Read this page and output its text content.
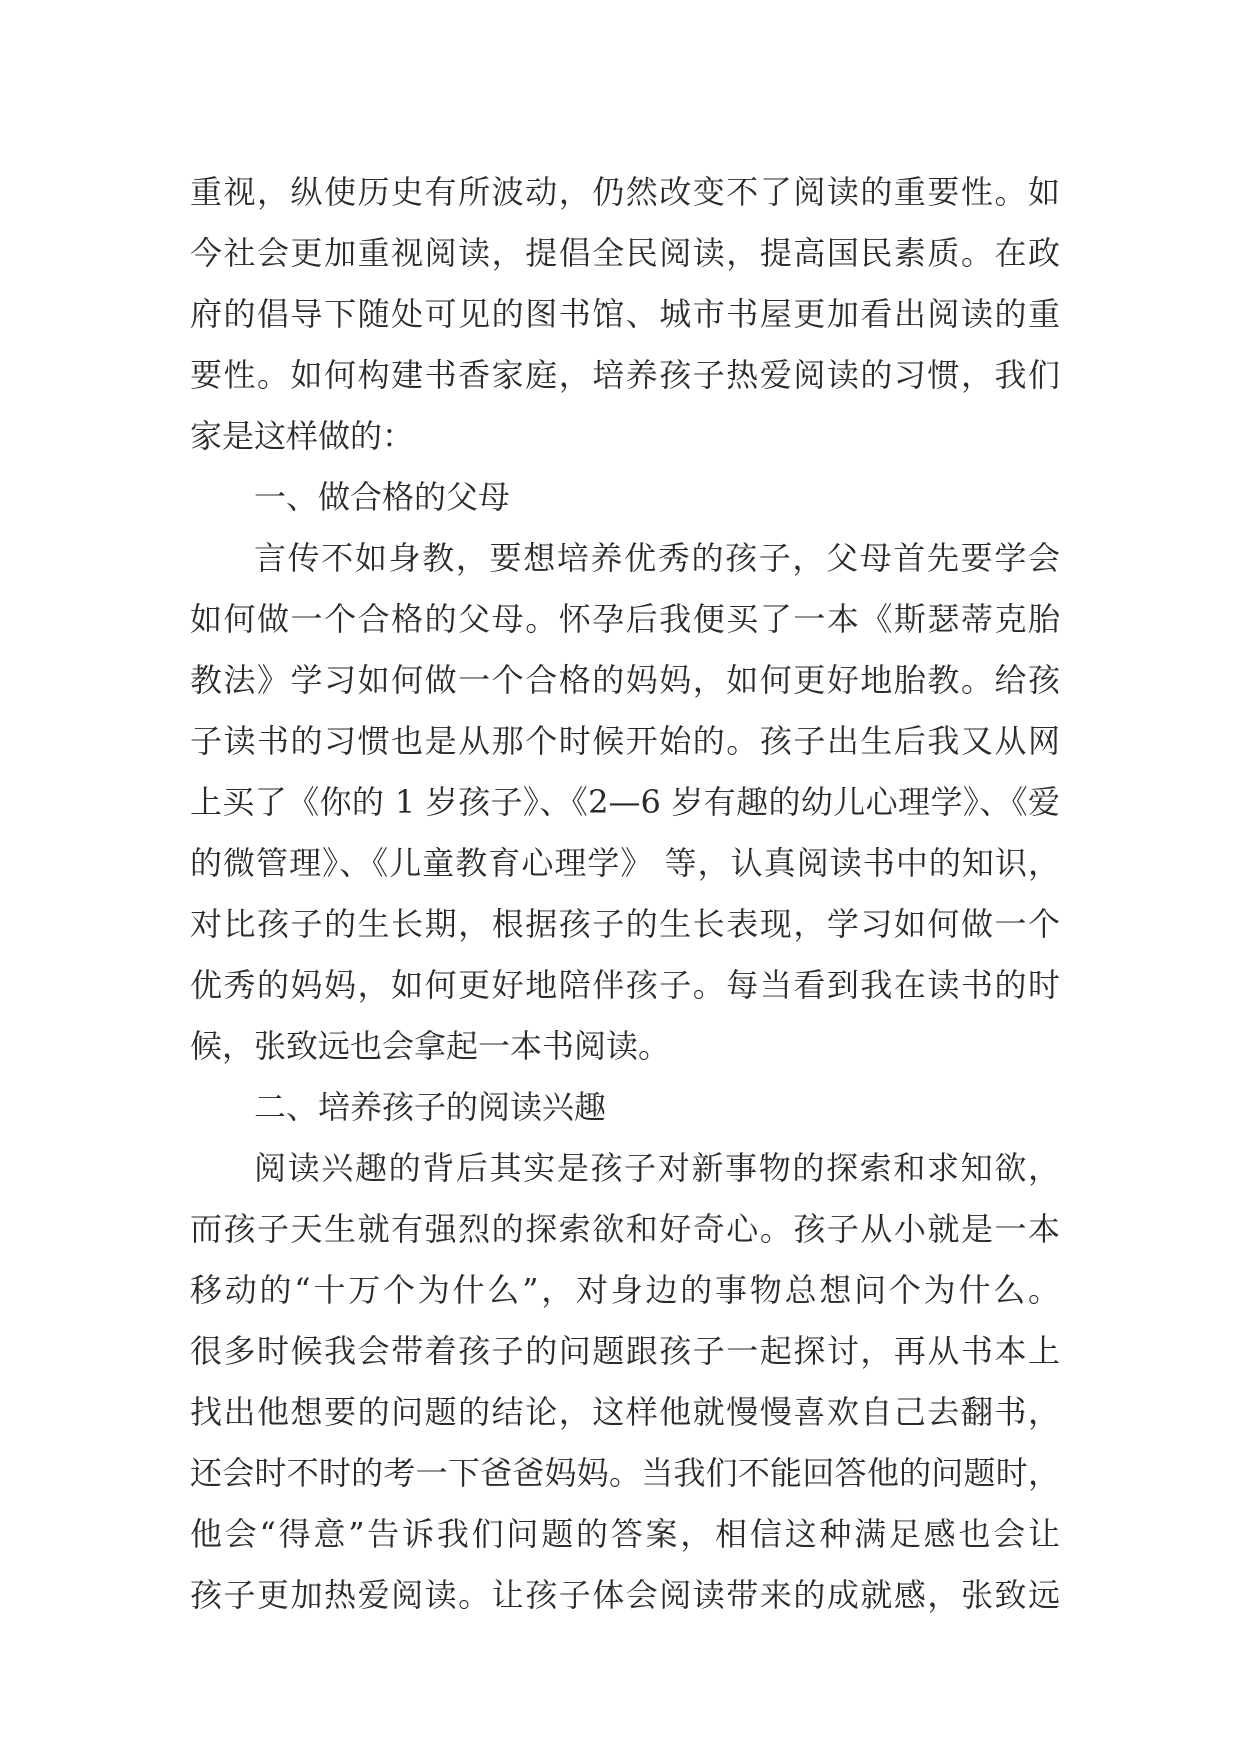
重视，纵使历史有所波动，仍然改变不了阅读的重要性。如
今社会更加重视阅读，提倡全民阅读，提高国民素质。在政
府的倡导下随处可见的图书馆、城市书屋更加看出阅读的重
要性。如何构建书香家庭，培养孩子热爱阅读的习惯，我们
家是这样做的：
一、做合格的父母
言传不如身教，要想培养优秀的孩子，父母首先要学会
如何做一个合格的父母。怀孕后我便买了一本《斯瑟蒂克胎
教法》学习如何做一个合格的妈妈，如何更好地胎教。给孩
子读书的习惯也是从那个时候开始的。孩子出生后我又从网
上买了《你的 1 岁孩子》、《2—6 岁有趣的幼儿心理学》、《爱
的微管理》、《儿童教育心理学》 等，认真阅读书中的知识，
对比孩子的生长期，根据孩子的生长表现，学习如何做一个
优秀的妈妈，如何更好地陪伴孩子。每当看到我在读书的时
候，张致远也会拿起一本书阅读。
二、培养孩子的阅读兴趣
阅读兴趣的背后其实是孩子对新事物的探索和求知欲，
而孩子天生就有强烈的探索欲和好奇心。孩子从小就是一本
移动的“十万个为什么”，对身边的事物总想问个为什么。
很多时候我会带着孩子的问题跟孩子一起探讨，再从书本上
找出他想要的问题的结论，这样他就慢慢喜欢自己去翻书，
还会时不时的考一下爸爸妈妈。当我们不能回答他的问题时，
他会“得意”告诉我们问题的答案，相信这种满足感也会让
孩子更加热爱阅读。让孩子体会阅读带来的成就感，张致远
